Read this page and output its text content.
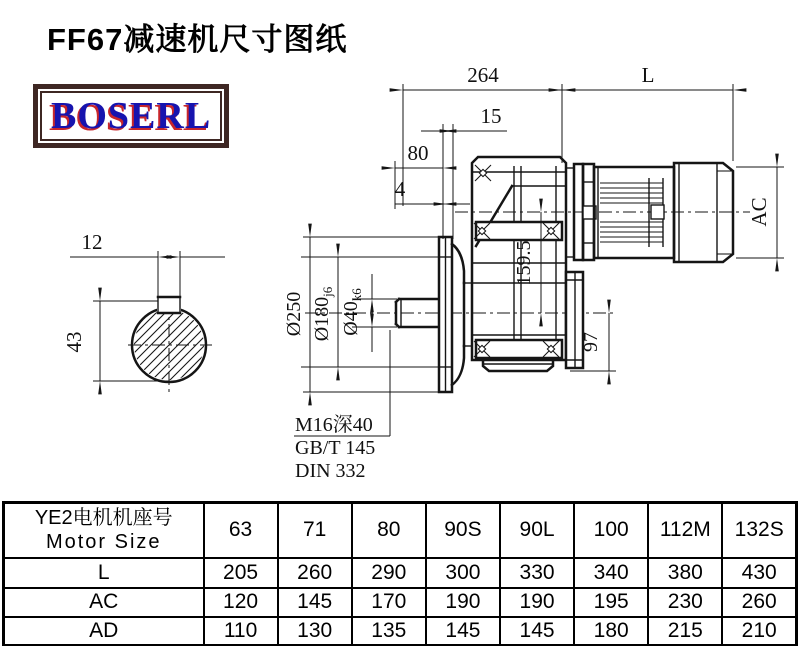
FF67减速机尺寸图纸
BOSERL
12
43
264	L
15
80
4
AC
Ø250 $Ø180_{j6}$
$Ø40_{k6}$
159.5
97
M16深40
GB/T 145
DIN 332
YE2电机机座号
Motor Size	63	71	80	90S	90L	100	112M	132S
L	205	260	290	300	330	340	380	430
AC	120	145	170	190	190	195	230	260
AD	110	130	135	145	145	180	215	210
